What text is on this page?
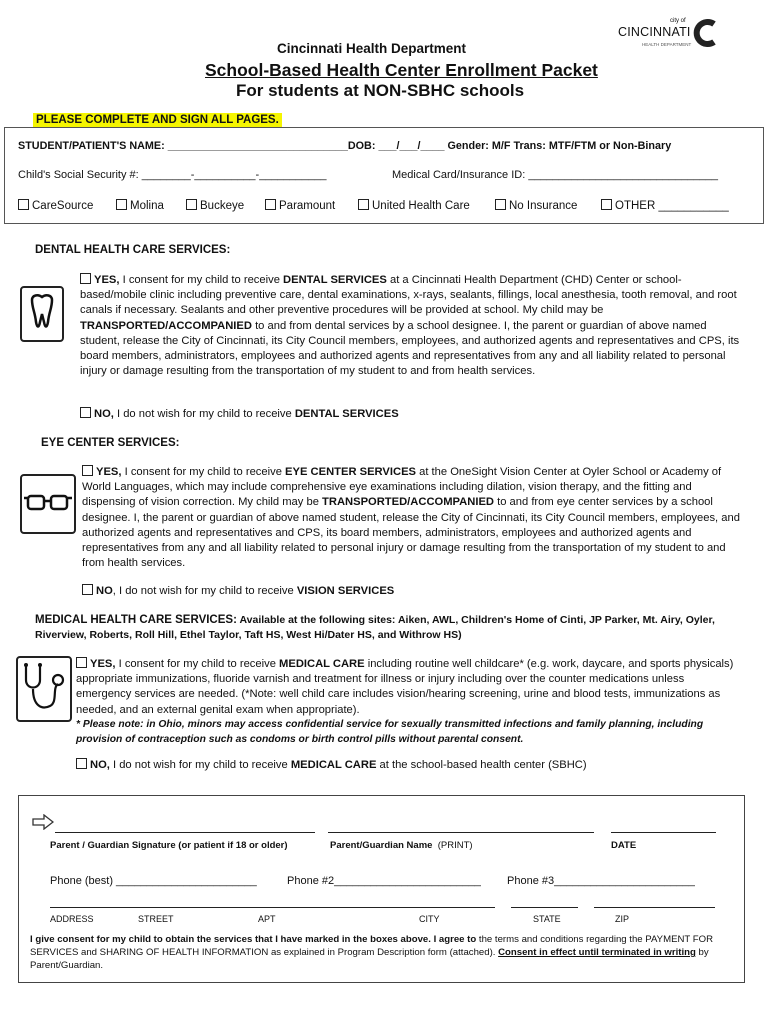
city of
CINCINNATI
HEALTH DEPARTMENT
Cincinnati Health Department
School-Based Health Center Enrollment Packet
For students at NON-SBHC schools
PLEASE COMPLETE AND SIGN ALL PAGES.
STUDENT/PATIENT'S NAME: ______________________________DOB: ___/___/____ Gender: M/F Trans: MTF/FTM or Non-Binary
Child's Social Security #: ________-__________-___________	Medical Card/Insurance ID: _______________________________
CareSource	Molina	Buckeye	Paramount	United Health Care	No Insurance	OTHER ___________
DENTAL HEALTH CARE SERVICES:

YES, I consent for my child to receive DENTAL SERVICES at a Cincinnati Health Department (CHD) Center or school-based/mobile clinic including preventive care, dental examinations, x-rays, sealants, fillings, local anesthesia, tooth removal, and root canals if necessary. Sealants and other preventive procedures will be provided at school. My child may be TRANSPORTED/ACCOMPANIED to and from dental services by a school designee. I, the parent or guardian of above named student, release the City of Cincinnati, its City Council members, employees, and authorized agents and representatives and CPS, its board members, administrators, employees and authorized agents and representatives from any and all liability related to personal injury or damage resulting from the transportation of my student to and from health services.

NO, I do not wish for my child to receive DENTAL SERVICES
EYE CENTER SERVICES:

YES, I consent for my child to receive EYE CENTER SERVICES at the OneSight Vision Center at Oyler School or Academy of World Languages, which may include comprehensive eye examinations including dilation, vision therapy, and the fitting and dispensing of vision correction. My child may be TRANSPORTED/ACCOMPANIED to and from eye center services by a school designee. I, the parent or guardian of above named student, release the City of Cincinnati, its City Council members, employees, and authorized agents and representatives and CPS, its board members, administrators, employees and authorized agents and representatives from any and all liability related to personal injury or damage resulting from the transportation of my student to and from health services.

NO, I do not wish for my child to receive VISION SERVICES

MEDICAL HEALTH CARE SERVICES: Available at the following sites: Aiken, AWL, Children's Home of Cinti, JP Parker, Mt. Airy, Oyler, Riverview, Roberts, Roll Hill, Ethel Taylor, Taft HS, West Hi/Dater HS, and Withrow HS)

YES, I consent for my child to receive MEDICAL CARE including routine well childcare* (e.g. work, daycare, and sports physicals) appropriate immunizations, fluoride varnish and treatment for illness or injury including over the counter medications unless emergency services are needed. (*Note: well child care includes vision/hearing screening, urine and blood tests, immunizations as needed, and an external genital exam when appropriate).

* Please note: in Ohio, minors may access confidential service for sexually transmitted infections and family planning, including provision of contraception such as condoms or birth control pills without parental consent.

NO, I do not wish for my child to receive MEDICAL CARE at the school-based health center (SBHC)
Parent / Guardian Signature (or patient if 18 or older)	Parent/Guardian Name (PRINT)	DATE
Phone (best) _______________________	Phone #2________________________ Phone #3_______________________
ADDRESS	STREET	APT	CITY	STATE	ZIP

I give consent for my child to obtain the services that I have marked in the boxes above. I agree to the terms and conditions regarding the PAYMENT FOR SERVICES and SHARING OF HEALTH INFORMATION as explained in Program Description form (attached). Consent in effect until terminated in writing by Parent/Guardian.
